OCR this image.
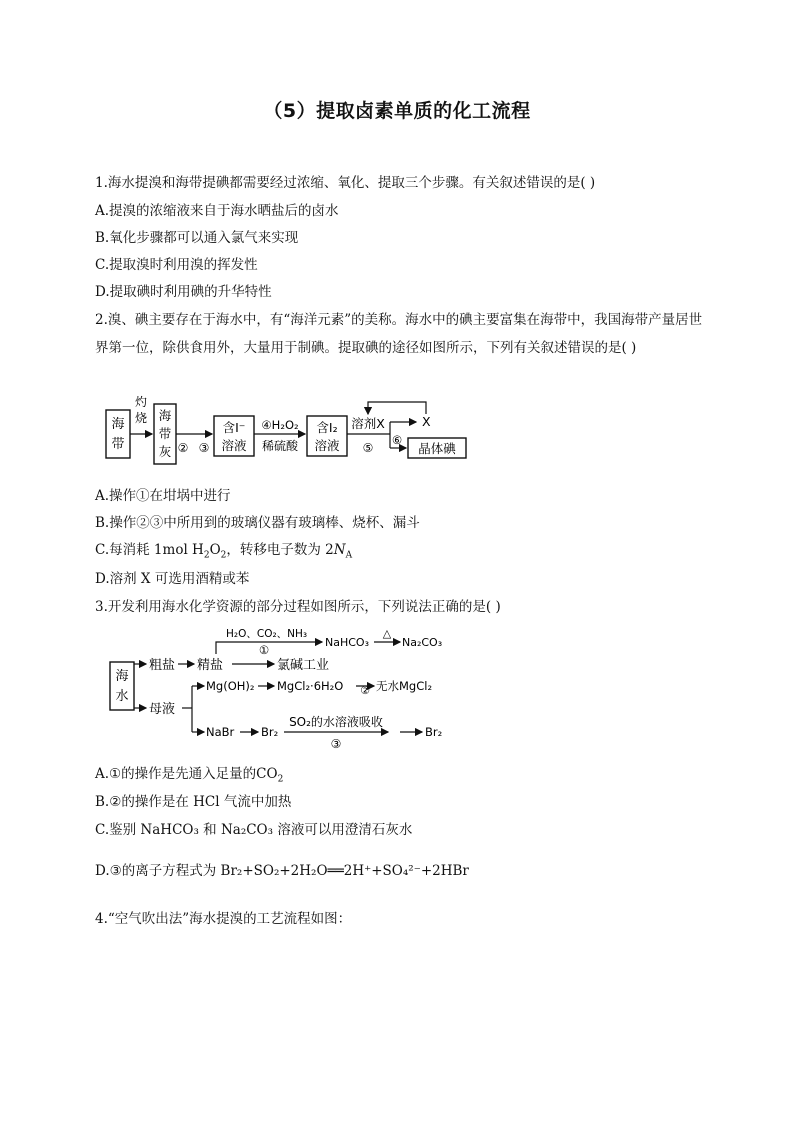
（5）提取卤素单质的化工流程
1.海水提溴和海带提碘都需要经过浓缩、氧化、提取三个步骤。有关叙述错误的是( )
A.提溴的浓缩液来自于海水晒盐后的卤水
B.氧化步骤都可以通入氯气来实现
C.提取溴时利用溴的挥发性
D.提取碘时利用碘的升华特性
2.溴、碘主要存在于海水中，有“海洋元素”的美称。海水中的碘主要富集在海带中，我国海带产量居世界第一位，除供食用外，大量用于制碘。提取碘的途径如图所示，下列有关叙述错误的是( )
海
带
灼
烧 海
带
灰 ② ③
含I⁻
溶液
④H₂O₂
稀硫酸
含I₂
溶液
溶剂X
⑤
X
⑥
晶体碘
A.操作①在坩埚中进行
B.操作②③中所用到的玻璃仪器有玻璃棒、烧杯、漏斗
C.每消耗 1mol $H_2O_2$，转移电子数为 $2N_A$
D.溶剂 X 可选用酒精或苯
3.开发利用海水化学资源的部分过程如图所示，下列说法正确的是( )
海
水
粗盐 精盐
H₂O、CO₂、NH₃
①
NaHCO₃
△
Na₂CO₃
氯碱工业
母液
Mg(OH)₂ MgCl₂·6H₂O ② 无水MgCl₂
NaBr Br₂
SO₂的水溶液吸收
③
Br₂
A.①的操作是先通入足量的$CO_2$
B.②的操作是在 HCl 气流中加热
C.鉴别 NaHCO₃ 和 Na₂CO₃ 溶液可以用澄清石灰水
D.③的离子方程式为 Br₂+SO₂+2H₂O══2H⁺+SO₄²⁻+2HBr
4.“空气吹出法”海水提溴的工艺流程如图：
